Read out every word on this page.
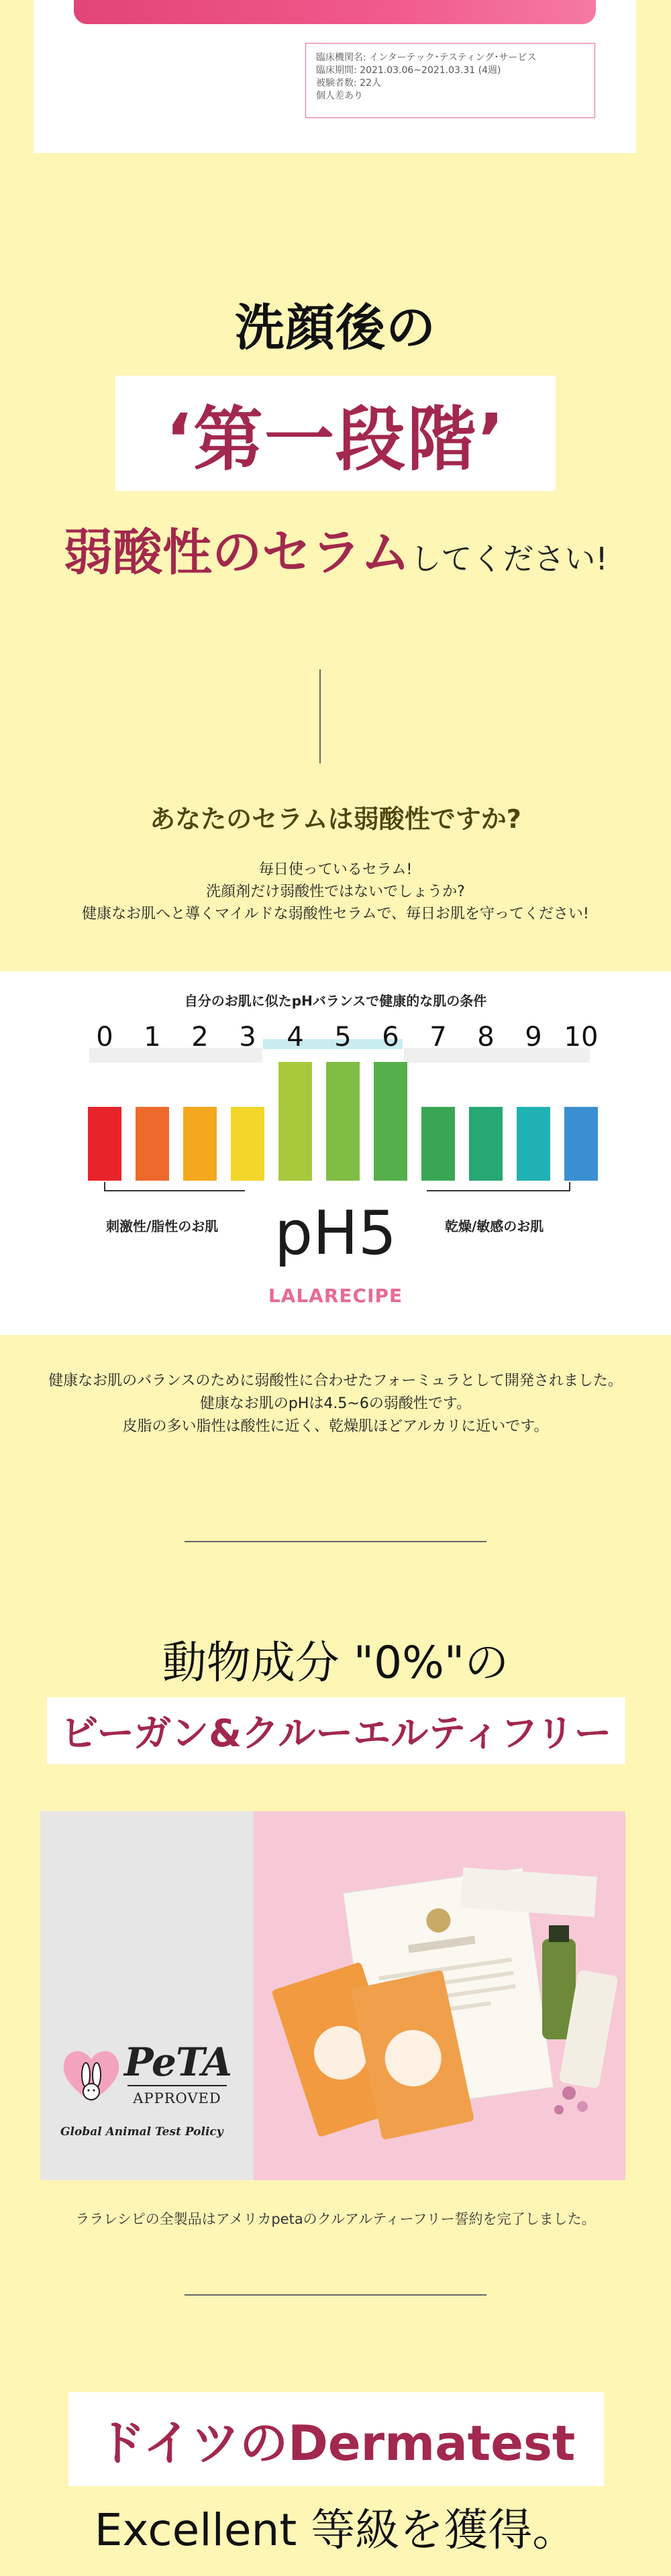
臨床機関名: インターテック･テスティング･サービス
臨床期間: 2021.03.06~2021.03.31 (4週)
被験者数: 22人
個人差あり
洗顔後の
‘第一段階’
弱酸性のセラムしてください!
あなたのセラムは弱酸性ですか?
毎日使っているセラム!
洗顔剤だけ弱酸性ではないでしょうか?
健康なお肌へと導くマイルドな弱酸性セラムで、毎日お肌を守ってください!
自分のお肌に似たpHバランスで健康的な肌の条件
0	1	2	3	4	5	6	7	8	9 10
刺激性/脂性のお肌	乾燥/敏感のお肌
pH5
LALARECIPE
健康なお肌のバランスのために弱酸性に合わせたフォーミュラとして開発されました。
健康なお肌のpHは4.5~6の弱酸性です。
皮脂の多い脂性は酸性に近く、乾燥肌ほどアルカリに近いです。
動物成分 "0%"の
ビーガン&クルーエルティフリー
PeTA
APPROVED
Global Animal Test Policy
ララレシピの全製品はアメリカpetaのクルアルティーフリー誓約を完了しました。
ドイツのDermatest
Excellent 等級を獲得。
